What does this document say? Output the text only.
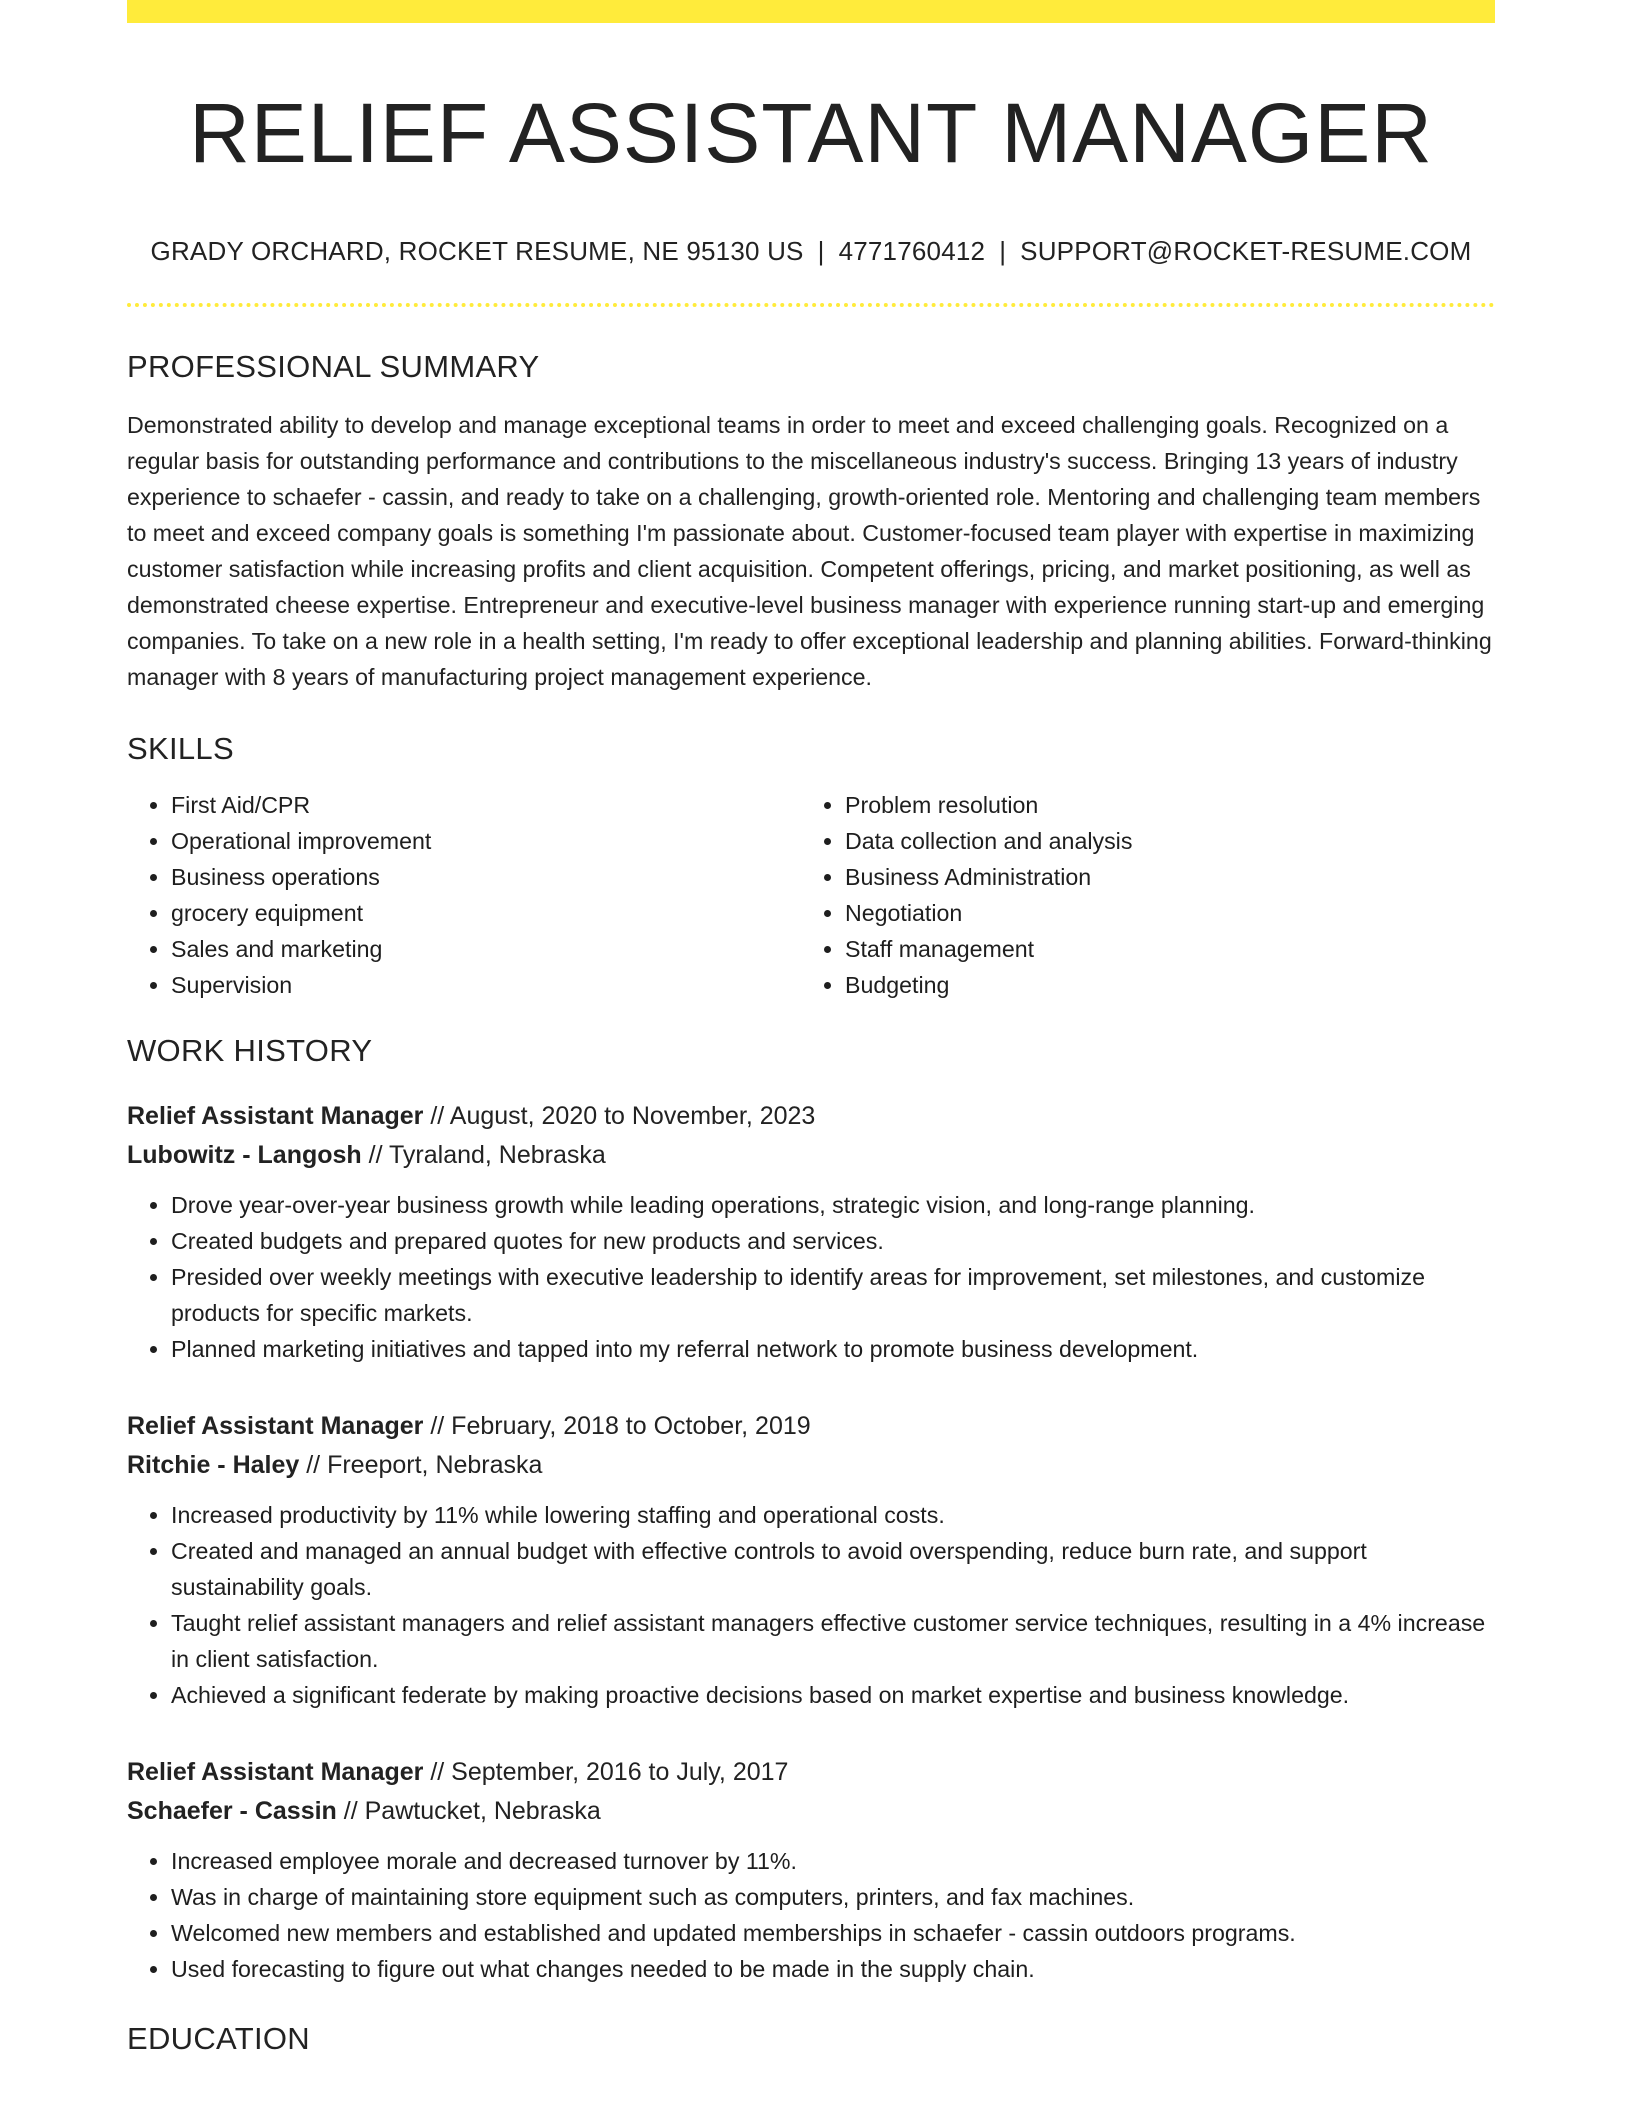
RELIEF ASSISTANT MANAGER
GRADY ORCHARD, ROCKET RESUME, NE 95130 US | 4771760412 | SUPPORT@ROCKET-RESUME.COM
PROFESSIONAL SUMMARY

Demonstrated ability to develop and manage exceptional teams in order to meet and exceed challenging goals. Recognized on a regular basis for outstanding performance and contributions to the miscellaneous industry's success. Bringing 13 years of industry experience to schaefer - cassin, and ready to take on a challenging, growth-oriented role. Mentoring and challenging team members to meet and exceed company goals is something I'm passionate about. Customer-focused team player with expertise in maximizing customer satisfaction while increasing profits and client acquisition. Competent offerings, pricing, and market positioning, as well as demonstrated cheese expertise. Entrepreneur and executive-level business manager with experience running start-up and emerging companies. To take on a new role in a health setting, I'm ready to offer exceptional leadership and planning abilities. Forward-thinking manager with 8 years of manufacturing project management experience.

SKILLS
• First Aid/CPR
• Operational improvement
• Business operations
• grocery equipment
• Sales and marketing
• Supervision
• Problem resolution
• Data collection and analysis
• Business Administration
• Negotiation
• Staff management
• Budgeting
WORK HISTORY
Relief Assistant Manager // August, 2020 to November, 2023
Lubowitz - Langosh // Tyraland, Nebraska
• Drove year-over-year business growth while leading operations, strategic vision, and long-range planning.
• Created budgets and prepared quotes for new products and services.
• Presided over weekly meetings with executive leadership to identify areas for improvement, set milestones, and customize products for specific markets.
• Planned marketing initiatives and tapped into my referral network to promote business development.
Relief Assistant Manager // February, 2018 to October, 2019
Ritchie - Haley // Freeport, Nebraska
• Increased productivity by 11% while lowering staffing and operational costs.
• Created and managed an annual budget with effective controls to avoid overspending, reduce burn rate, and support sustainability goals.
• Taught relief assistant managers and relief assistant managers effective customer service techniques, resulting in a 4% increase in client satisfaction.
• Achieved a significant federate by making proactive decisions based on market expertise and business knowledge.
Relief Assistant Manager // September, 2016 to July, 2017
Schaefer - Cassin // Pawtucket, Nebraska
• Increased employee morale and decreased turnover by 11%.
• Was in charge of maintaining store equipment such as computers, printers, and fax machines.
• Welcomed new members and established and updated memberships in schaefer - cassin outdoors programs.
• Used forecasting to figure out what changes needed to be made in the supply chain.
EDUCATION
